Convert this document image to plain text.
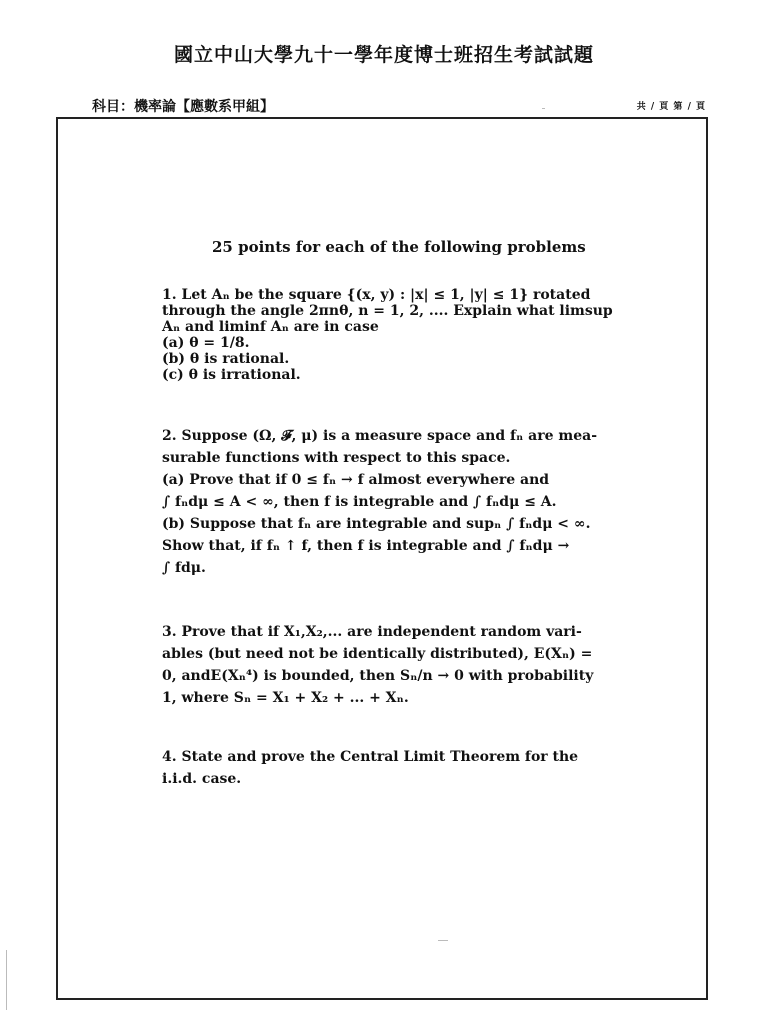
國立中山大學九十一學年度博士班招生考試試題
科目：機率論【應數系甲組】	共 / 頁 第 / 頁
25 points for each of the following problems

1. Let Aₙ be the square {(x, y) : |x| ≤ 1, |y| ≤ 1} rotated

through the angle 2πnθ, n = 1, 2, .... Explain what limsup

Aₙ and liminf Aₙ are in case

(a) θ = 1/8.

(b) θ is rational.

(c) θ is irrational.

2. Suppose (Ω, 𝓕, μ) is a measure space and fₙ are mea-

surable functions with respect to this space.

(a) Prove that if 0 ≤ fₙ → f almost everywhere and

∫ fₙdμ ≤ A < ∞, then f is integrable and ∫ fₙdμ ≤ A.

(b) Suppose that fₙ are integrable and supₙ ∫ fₙdμ < ∞.

Show that, if fₙ ↑ f, then f is integrable and ∫ fₙdμ →

∫ fdμ.

3. Prove that if X₁,X₂,... are independent random vari-

ables (but need not be identically distributed), E(Xₙ) =

0, andE(Xₙ⁴) is bounded, then Sₙ/n → 0 with probability

1, where Sₙ = X₁ + X₂ + ... + Xₙ.

4. State and prove the Central Limit Theorem for the

i.i.d. case.
